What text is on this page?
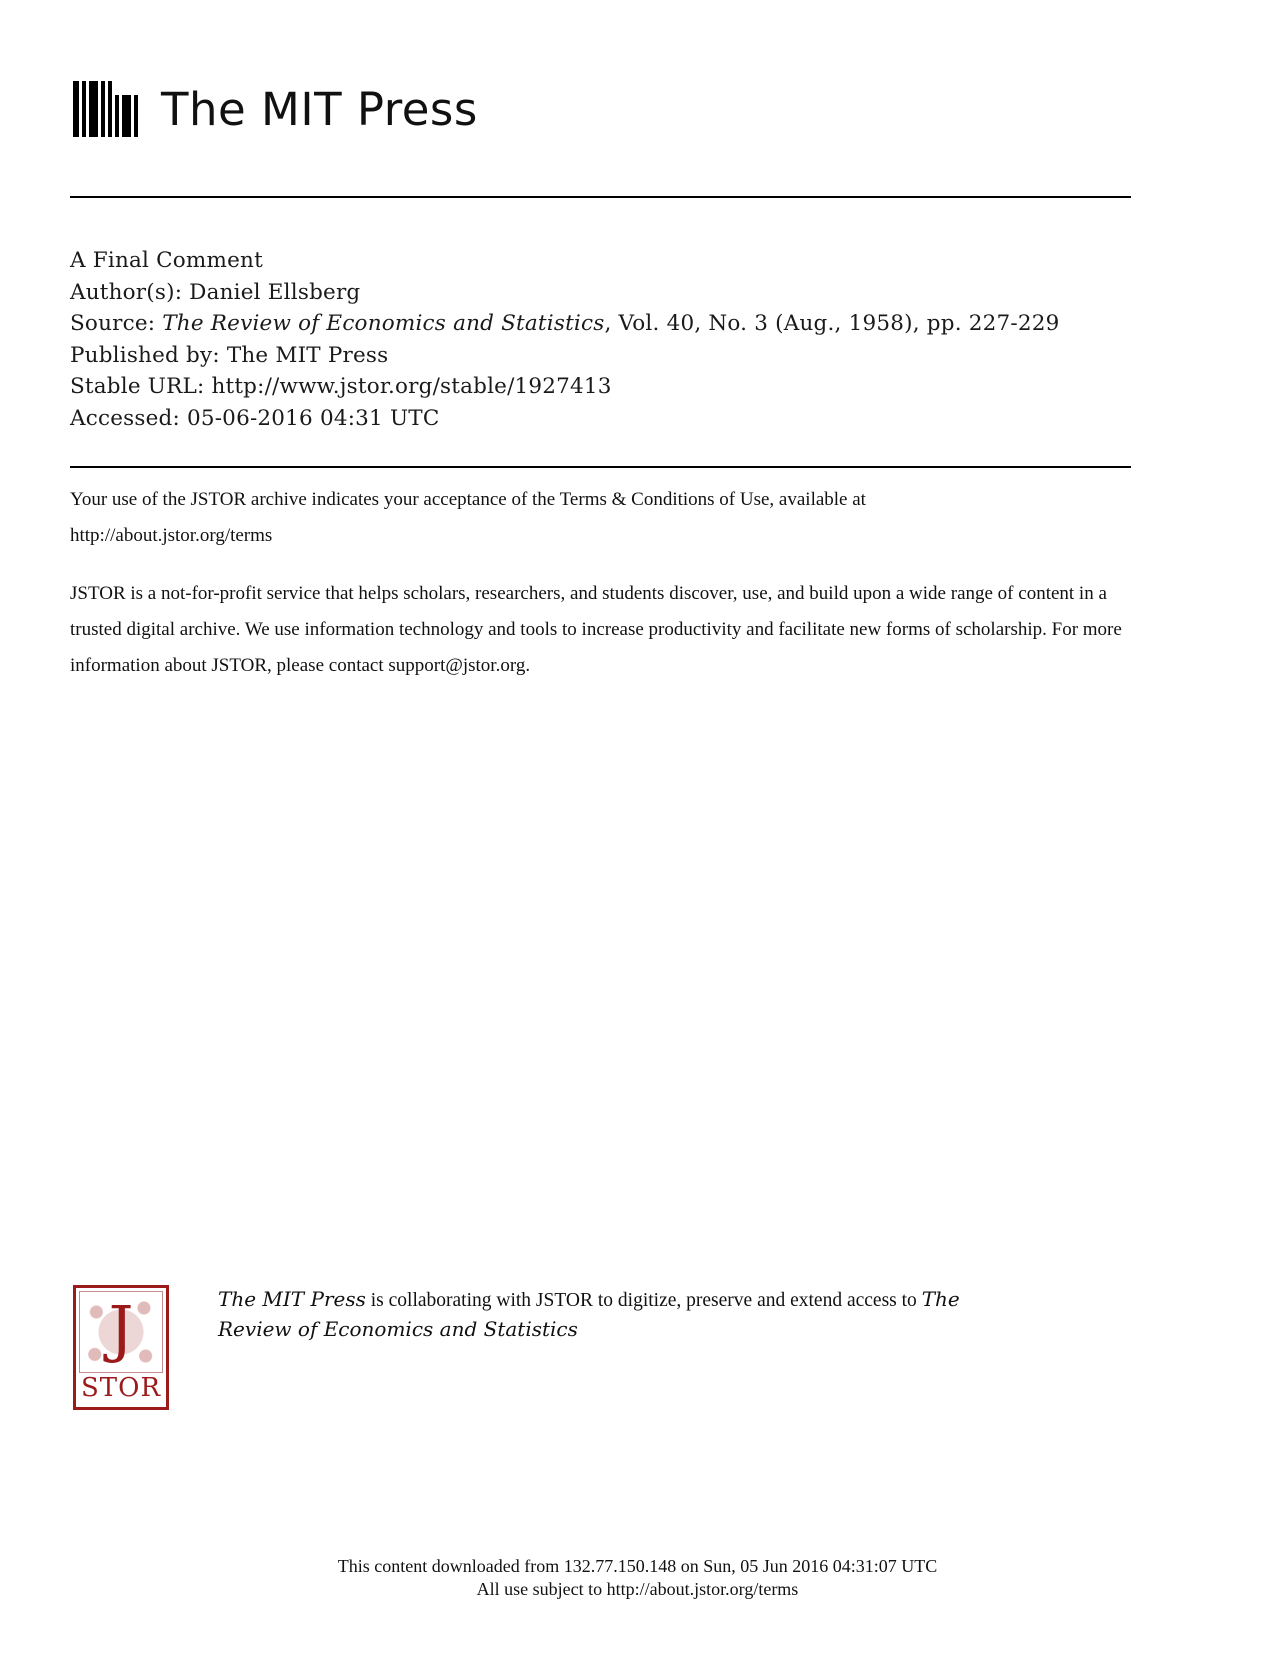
The MIT Press
A Final Comment
Author(s): Daniel Ellsberg
Source: The Review of Economics and Statistics, Vol. 40, No. 3 (Aug., 1958), pp. 227-229
Published by: The MIT Press
Stable URL: http://www.jstor.org/stable/1927413
Accessed: 05-06-2016 04:31 UTC

Your use of the JSTOR archive indicates your acceptance of the Terms & Conditions of Use, available at

http://about.jstor.org/terms

JSTOR is a not-for-profit service that helps scholars, researchers, and students discover, use, and build upon a wide range of content in a trusted digital archive. We use information technology and tools to increase productivity and facilitate new forms of scholarship. For more information about JSTOR, please contact support@jstor.org.

J
STOR
The MIT Press is collaborating with JSTOR to digitize, preserve and extend access to The Review of Economics and Statistics
This content downloaded from 132.77.150.148 on Sun, 05 Jun 2016 04:31:07 UTC
All use subject to http://about.jstor.org/terms
